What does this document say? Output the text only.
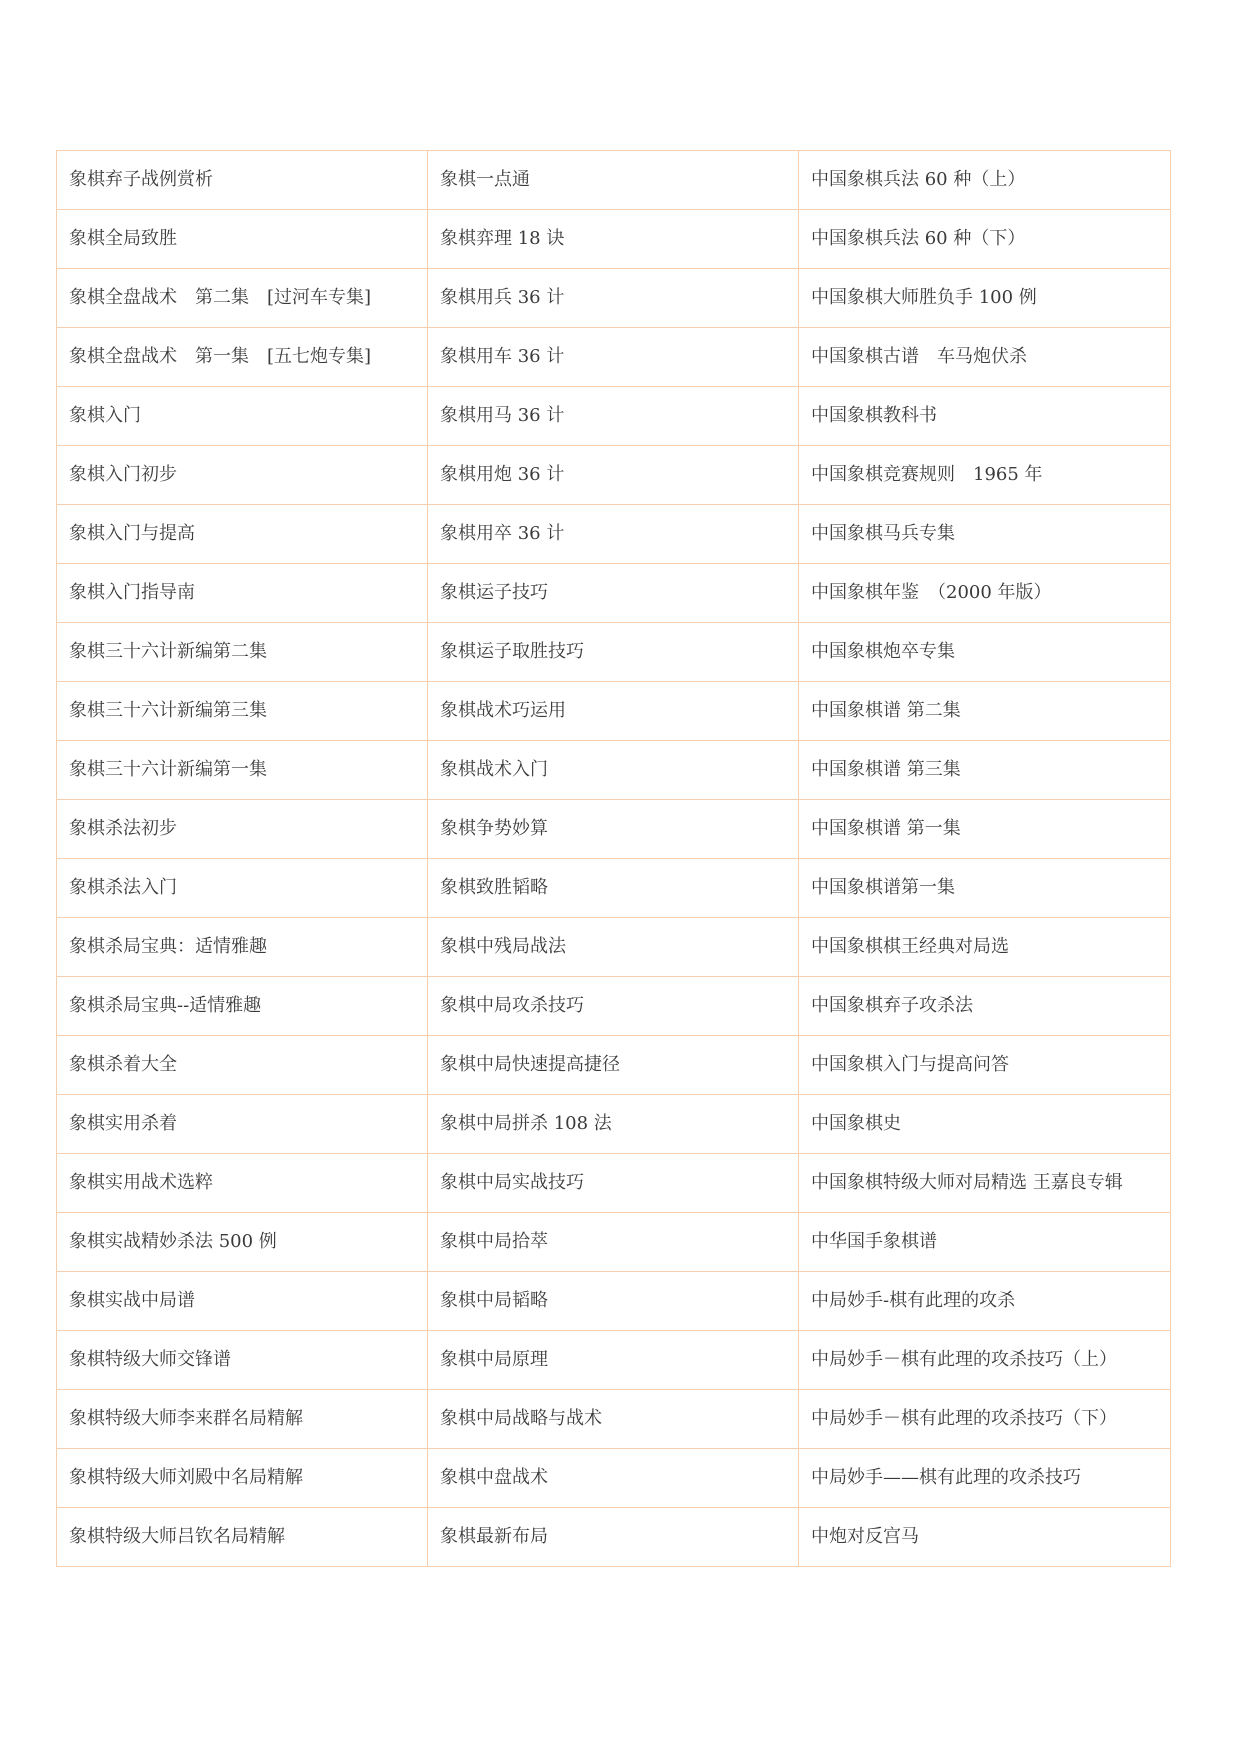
象棋弃子战例赏析	象棋一点通	中国象棋兵法 60 种（上）
象棋全局致胜	象棋弈理 18 诀	中国象棋兵法 60 种（下）
象棋全盘战术　第二集　[过河车专集]	象棋用兵 36 计	中国象棋大师胜负手 100 例
象棋全盘战术　第一集　[五七炮专集]	象棋用车 36 计	中国象棋古谱　车马炮伏杀
象棋入门	象棋用马 36 计	中国象棋教科书
象棋入门初步	象棋用炮 36 计	中国象棋竞赛规则　1965 年
象棋入门与提高	象棋用卒 36 计	中国象棋马兵专集
象棋入门指导南	象棋运子技巧	中国象棋年鉴　（2000 年版）
象棋三十六计新编第二集	象棋运子取胜技巧	中国象棋炮卒专集
象棋三十六计新编第三集	象棋战术巧运用	中国象棋谱 第二集
象棋三十六计新编第一集	象棋战术入门	中国象棋谱 第三集
象棋杀法初步	象棋争势妙算	中国象棋谱 第一集
象棋杀法入门	象棋致胜韬略	中国象棋谱第一集
象棋杀局宝典：适情雅趣	象棋中残局战法	中国象棋棋王经典对局选
象棋杀局宝典--适情雅趣	象棋中局攻杀技巧	中国象棋弃子攻杀法
象棋杀着大全	象棋中局快速提高捷径	中国象棋入门与提高问答
象棋实用杀着	象棋中局拼杀 108 法	中国象棋史
象棋实用战术选粹	象棋中局实战技巧	中国象棋特级大师对局精选 王嘉良专辑
象棋实战精妙杀法 500 例	象棋中局拾萃	中华国手象棋谱
象棋实战中局谱	象棋中局韬略	中局妙手-棋有此理的攻杀
象棋特级大师交锋谱	象棋中局原理	中局妙手－棋有此理的攻杀技巧（上）
象棋特级大师李来群名局精解	象棋中局战略与战术	中局妙手－棋有此理的攻杀技巧（下）
象棋特级大师刘殿中名局精解	象棋中盘战术	中局妙手——棋有此理的攻杀技巧
象棋特级大师吕钦名局精解	象棋最新布局	中炮对反宫马
